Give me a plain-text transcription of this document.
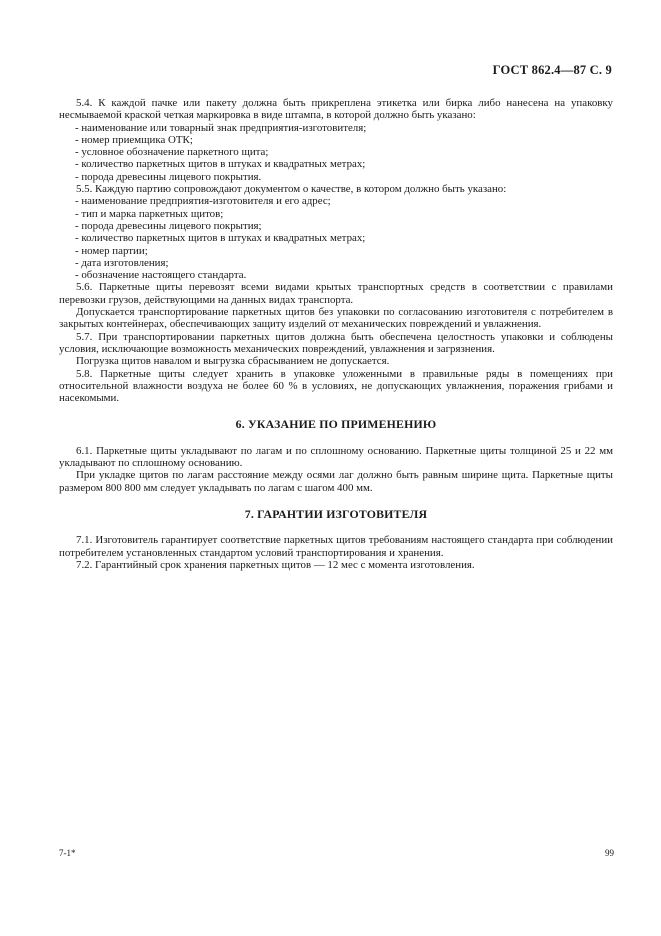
ГОСТ 862.4—87 С. 9

5.4. К каждой пачке или пакету должна быть прикреплена этикетка или бирка либо нанесена на упаковку несмываемой краской четкая маркировка в виде штампа, в которой должно быть указано:

- наименование или товарный знак предприятия-изготовителя;

- номер приемщика ОТК;

- условное обозначение паркетного щита;

- количество паркетных щитов в штуках и квадратных метрах;

- порода древесины лицевого покрытия.

5.5. Каждую партию сопровождают документом о качестве, в котором должно быть указано:

- наименование предприятия-изготовителя и его адрес;

- тип и марка паркетных щитов;

- порода древесины лицевого покрытия;

- количество паркетных щитов в штуках и квадратных метрах;

- номер партии;

- дата изготовления;

- обозначение настоящего стандарта.

5.6. Паркетные щиты перевозят всеми видами крытых транспортных средств в соответствии с правилами перевозки грузов, действующими на данных видах транспорта.

Допускается транспортирование паркетных щитов без упаковки по согласованию изготовителя с потребителем в закрытых контейнерах, обеспечивающих защиту изделий от механических повреждений и увлажнения.

5.7. При транспортировании паркетных щитов должна быть обеспечена целостность упаковки и соблюдены условия, исключающие возможность механических повреждений, увлажнения и загрязнения.

Погрузка щитов навалом и выгрузка сбрасыванием не допускается.

5.8. Паркетные щиты следует хранить в упаковке уложенными в правильные ряды в помещениях при относительной влажности воздуха не более 60 % в условиях, не допускающих увлажнения, поражения грибами и насекомыми.

6. УКАЗАНИЕ ПО ПРИМЕНЕНИЮ

6.1. Паркетные щиты укладывают по лагам и по сплошному основанию. Паркетные щиты толщиной 25 и 22 мм укладывают по сплошному основанию.

При укладке щитов по лагам расстояние между осями лаг должно быть равным ширине щита. Паркетные щиты размером 800 800 мм следует укладывать по лагам с шагом 400 мм.

7. ГАРАНТИИ ИЗГОТОВИТЕЛЯ

7.1. Изготовитель гарантирует соответствие паркетных щитов требованиям настоящего стандарта при соблюдении потребителем установленных стандартом условий транспортирования и хранения.

7.2. Гарантийный срок хранения паркетных щитов — 12 мес с момента изготовления.

7-1*	99
